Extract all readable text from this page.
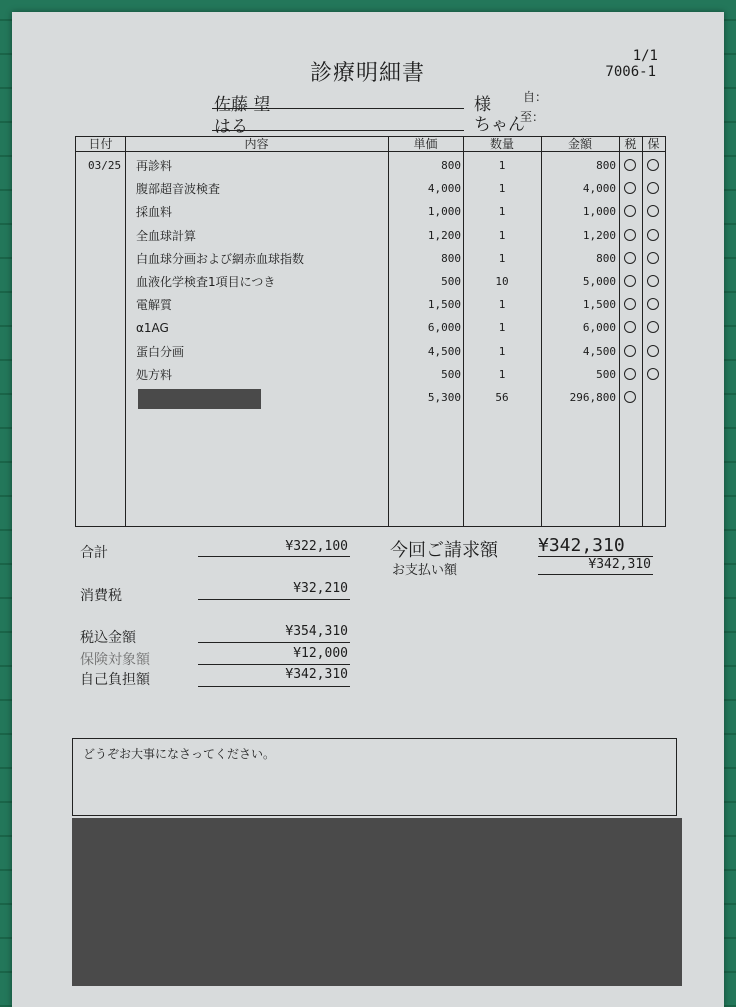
診療明細書
1/1
7006-1
佐藤 望
はる
様
ちゃん
自：
至：
日付	内容	単価	数量	金額	税 保
03/25 再診料	800	1	800
腹部超音波検査	4,000	1	4,000
採血料	1,000	1	1,000
全血球計算	1,200	1	1,200
白血球分画および網赤血球指数	800	1	800
血液化学検査1項目につき	500	10	5,000
電解質	1,500	1	1,500
α1AG	6,000	1	6,000
蛋白分画	4,500	1	4,500
処方料	500	1	500
5,300	56	296,800
合計	¥322,100
消費税	¥32,210
税込金額	¥354,310
保険対象額	¥12,000
自己負担額	¥342,310
今回ご請求額 ¥342,310
お支払い額	¥342,310
どうぞお大事になさってください。
